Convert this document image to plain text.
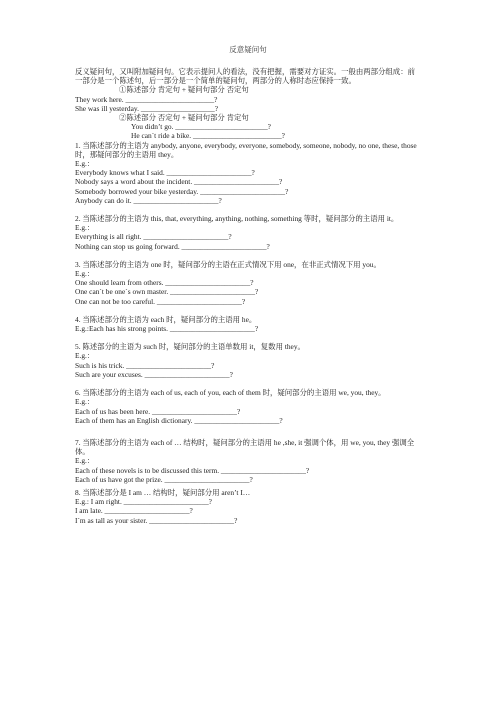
反意疑问句

反义疑问句，又叫附加疑问句。它表示提问人的看法，没有把握，需要对方证实。一般由两部分组成：前一部分是一个陈述句，后一部分是一个简单的疑问句，两部分的人称时态应保持一致。

①陈述部分 肯定句 + 疑问句部分 否定句

They work here. ________________________?

She was ill yesterday. ____________________?

②陈述部分 否定句 + 疑问句部分 肯定句

You didn’t go. _________________________?

He can`t ride a bike. ________________________?

1. 当陈述部分的主语为 anybody, anyone, everybody, everyone, somebody, someone, nobody, no one, these, those 时，那疑问部分的主语用 they。

E.g.：

Everybody knows what I said. _______________________?

Nobody says a word about the incident. _______________________?

Somebody borrowed your bike yesterday. _______________________?

Anybody can do it. _______________________?

2. 当陈述部分的主语为 this, that, everything, anything, nothing, something 等时，疑问部分的主语用 it。

E.g.：

Everything is all right. _______________________?

Nothing can stop us going forward. _______________________?

3. 当陈述部分的主语为 one 时，疑问部分的主语在正式情况下用 one，在非正式情况下用 you。

E.g.：

One should learn from others. _______________________?

One can`t be one`s own master. _______________________?

One can not be too careful. _______________________?

4. 当陈述部分的主语为 each 时，疑问部分的主语用 he。

E.g.:Each has his strong points. _______________________?

5. 陈述部分的主语为 such 时，疑问部分的主语单数用 it，复数用 they。

E.g.：

Such is his trick. _______________________?

Such are your excuses. _______________________?

6. 当陈述部分的主语为 each of us, each of you, each of them 时，疑问部分的主语用 we, you, they。

E.g.：

Each of us has been here. _______________________?

Each of them has an English dictionary. _______________________?

7. 当陈述部分的主语为 each of … 结构时，疑问部分的主语用 he ,she, it 强调个体，用 we, you, they 强调全体。

E.g.：

Each of these novels is to be discussed this term. _______________________?

Each of us have got the prize. _______________________?

8. 当陈述部分是 I am … 结构时，疑问部分用 aren’t I…

E.g.: I am right. _______________________?

I am late. _______________________?

I`m as tall as your sister. _______________________?
